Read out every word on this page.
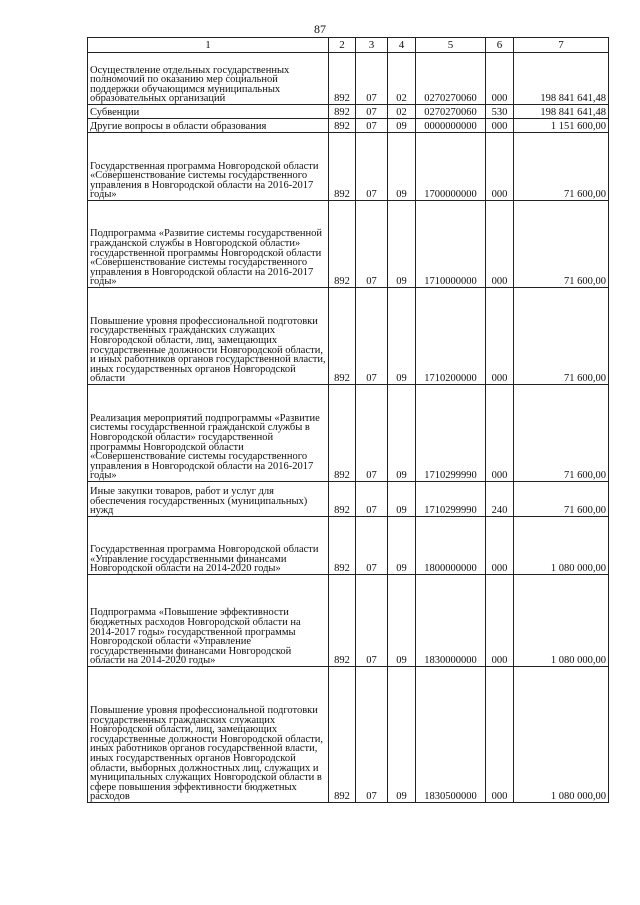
87
1	2	3	4	5	6	7
Осуществление отдельных государственных полномочий по оказанию мер социальной поддержки обучающимся муниципальных образовательных организаций	892	07	02	0270270060	000	198 841 641,48
Субвенции	892	07	02	0270270060	530	198 841 641,48
Другие вопросы в области образования	892	07	09	0000000000	000	1 151 600,00
Государственная программа Новгородской области «Совершенствование системы государственного управления в Новгородской области на 2016-2017 годы»	892	07	09	1700000000	000	71 600,00
Подпрограмма «Развитие системы государственной гражданской службы в Новгородской области» государственной программы Новгородской области «Совершенствование системы государственного управления в Новгородской области на 2016-2017 годы»	892	07	09	1710000000	000	71 600,00
Повышение уровня профессиональной подготовки государственных гражданских служащих Новгородской области, лиц, замещающих государственные должности Новгородской области, и иных работников органов государственной власти, иных государственных органов Новгородской области	892	07	09	1710200000	000	71 600,00
Реализация мероприятий подпрограммы «Развитие системы государственной гражданской службы в Новгородской области» государственной программы Новгородской области «Совершенствование системы государственного управления в Новгородской области на 2016-2017 годы»	892	07	09	1710299990	000	71 600,00
Иные закупки товаров, работ и услуг для обеспечения государственных (муниципальных) нужд	892	07	09	1710299990	240	71 600,00
Государственная программа Новгородской области «Управление государственными финансами Новгородской области на 2014-2020 годы»	892	07	09	1800000000	000	1 080 000,00
Подпрограмма «Повышение эффективности бюджетных расходов Новгородской области на 2014-2017 годы» государственной программы Новгородской области «Управление государственными финансами Новгородской области на 2014-2020 годы»	892	07	09	1830000000	000	1 080 000,00
Повышение уровня профессиональной подготовки государственных гражданских служащих Новгородской области, лиц, замещающих государственные должности Новгородской области, иных работников органов государственной власти, иных государственных органов Новгородской области, выборных должностных лиц, служащих и муниципальных служащих Новгородской области в сфере повышения эффективности бюджетных расходов	892	07	09	1830500000	000	1 080 000,00
